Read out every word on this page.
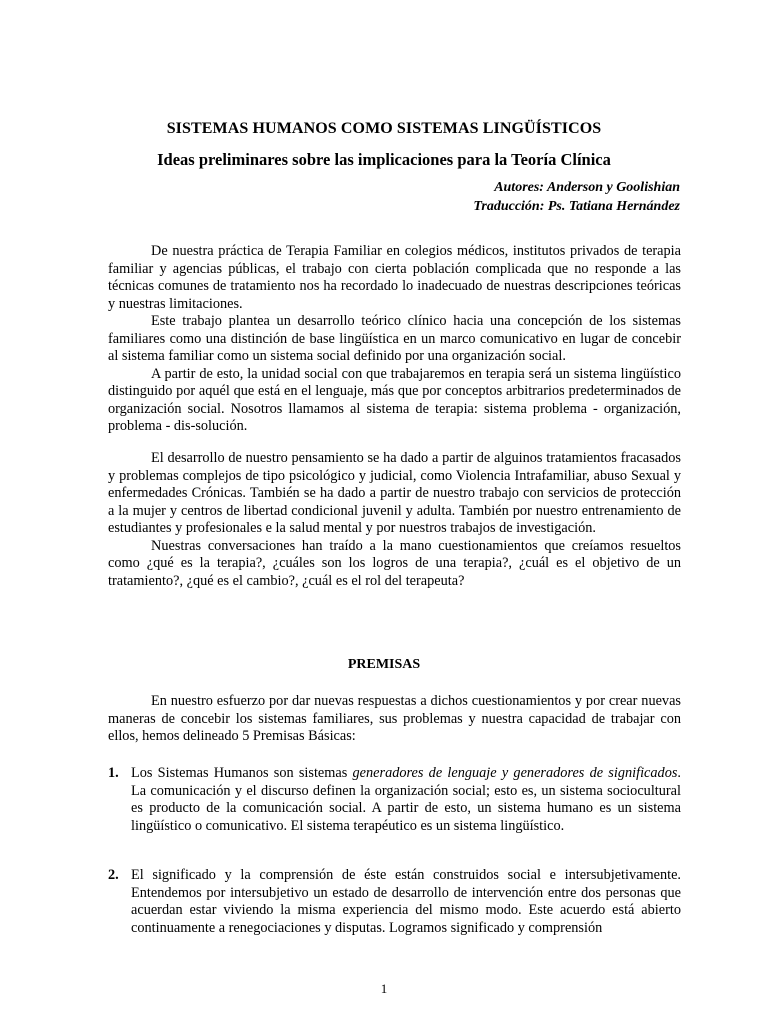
SISTEMAS HUMANOS COMO SISTEMAS LINGÜÍSTICOS
Ideas preliminares sobre las implicaciones para la Teoría Clínica
Autores: Anderson y Goolishian
Traducción: Ps. Tatiana Hernández

De nuestra práctica de Terapia Familiar en colegios médicos, institutos privados de terapia familiar y agencias públicas, el trabajo con cierta población complicada que no responde a las técnicas comunes de tratamiento nos ha recordado lo inadecuado de nuestras descripciones teóricas y nuestras limitaciones.

Este trabajo plantea un desarrollo teórico clínico hacia una concepción de los sistemas familiares como una distinción de base lingüística en un marco comunicativo en lugar de concebir al sistema familiar como un sistema social definido por una organización social.

A partir de esto, la unidad social con que trabajaremos en terapia será un sistema lingüístico distinguido por aquél que está en el lenguaje, más que por conceptos arbitrarios predeterminados de organización social. Nosotros llamamos al sistema de terapia: sistema problema - organización, problema - dis-solución.

El desarrollo de nuestro pensamiento se ha dado a partir de alguinos tratamientos fracasados y problemas complejos de tipo psicológico y judicial, como Violencia Intrafamiliar, abuso Sexual y enfermedades Crónicas. También se ha dado a partir de nuestro trabajo con servicios de protección a la mujer y centros de libertad condicional juvenil y adulta. También por nuestro entrenamiento de estudiantes y profesionales e la salud mental y por nuestros trabajos de investigación.

Nuestras conversaciones han traído a la mano cuestionamientos que creíamos resueltos como ¿qué es la terapia?, ¿cuáles son los logros de una terapia?, ¿cuál es el objetivo de un tratamiento?, ¿qué es el cambio?, ¿cuál es el rol del terapeuta?

PREMISAS

En nuestro esfuerzo por dar nuevas respuestas a dichos cuestionamientos y por crear nuevas maneras de concebir los sistemas familiares, sus problemas y nuestra capacidad de trabajar con ellos, hemos delineado 5 Premisas Básicas:

1. Los Sistemas Humanos son sistemas generadores de lenguaje y generadores de significados. La comunicación y el discurso definen la organización social; esto es, un sistema sociocultural es producto de la comunicación social. A partir de esto, un sistema humano es un sistema lingüístico o comunicativo. El sistema terapéutico es un sistema lingüístico.
2. El significado y la comprensión de éste están construidos social e intersubjetivamente. Entendemos por intersubjetivo un estado de desarrollo de intervención entre dos personas que acuerdan estar viviendo la misma experiencia del mismo modo. Este acuerdo está abierto continuamente a renegociaciones y disputas. Logramos significado y comprensión
1
